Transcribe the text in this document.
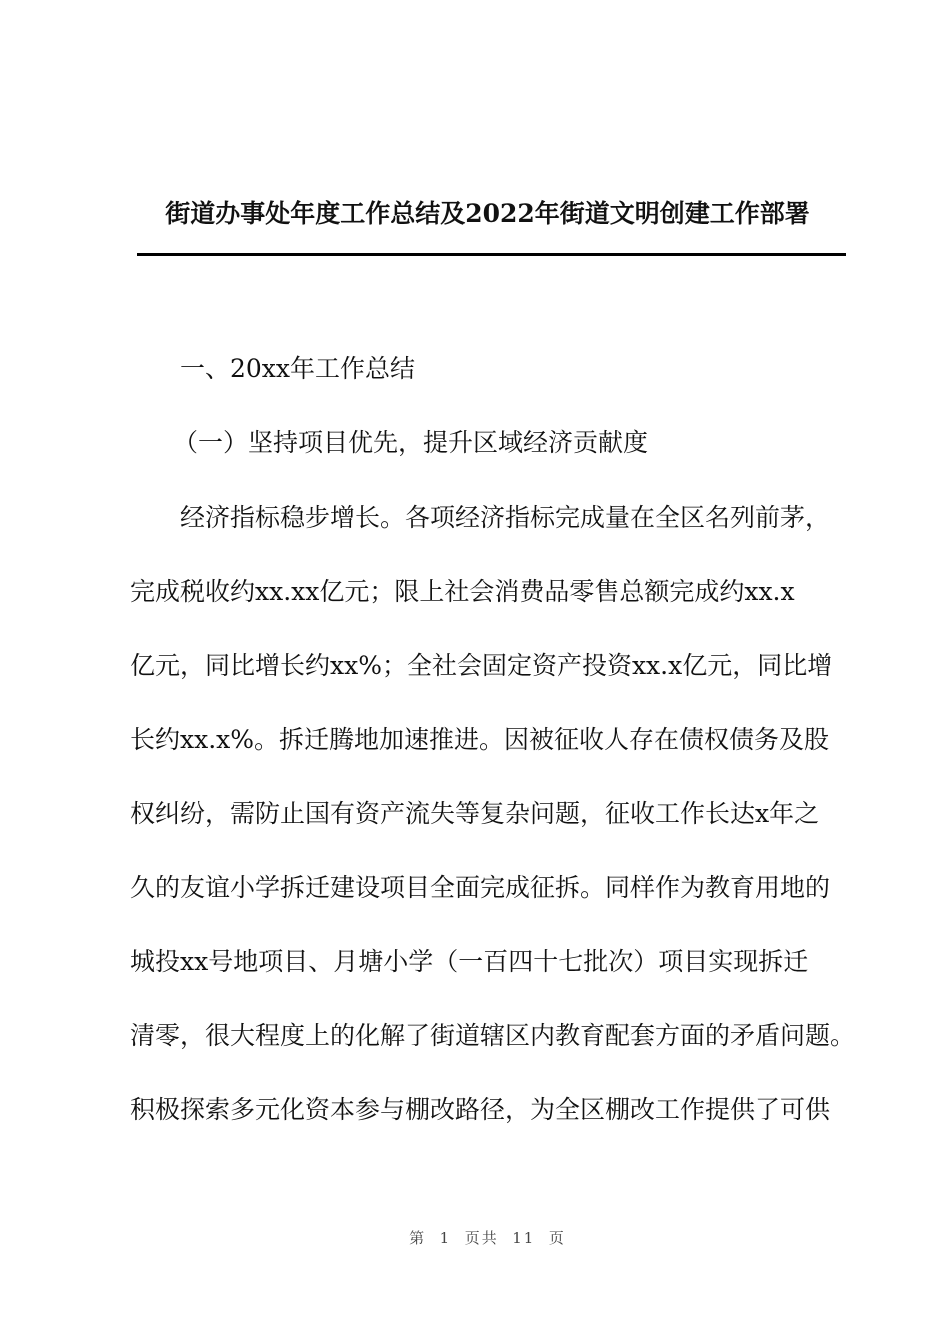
街道办事处年度工作总结及2022年街道文明创建工作部署
一、20xx年工作总结
（一）坚持项目优先，提升区域经济贡献度

经济指标稳步增长。各项经济指标完成量在全区名列前茅，

完成税收约xx.xx亿元；限上社会消费品零售总额完成约xx.x

亿元，同比增长约xx%；全社会固定资产投资xx.x亿元，同比增

长约xx.x%。拆迁腾地加速推进。因被征收人存在债权债务及股

权纠纷，需防止国有资产流失等复杂问题，征收工作长达x年之

久的友谊小学拆迁建设项目全面完成征拆。同样作为教育用地的

城投xx号地项目、月塘小学（一百四十七批次）项目实现拆迁

清零，很大程度上的化解了街道辖区内教育配套方面的矛盾问题。

积极探索多元化资本参与棚改路径，为全区棚改工作提供了可供

第  1  页共  11  页
